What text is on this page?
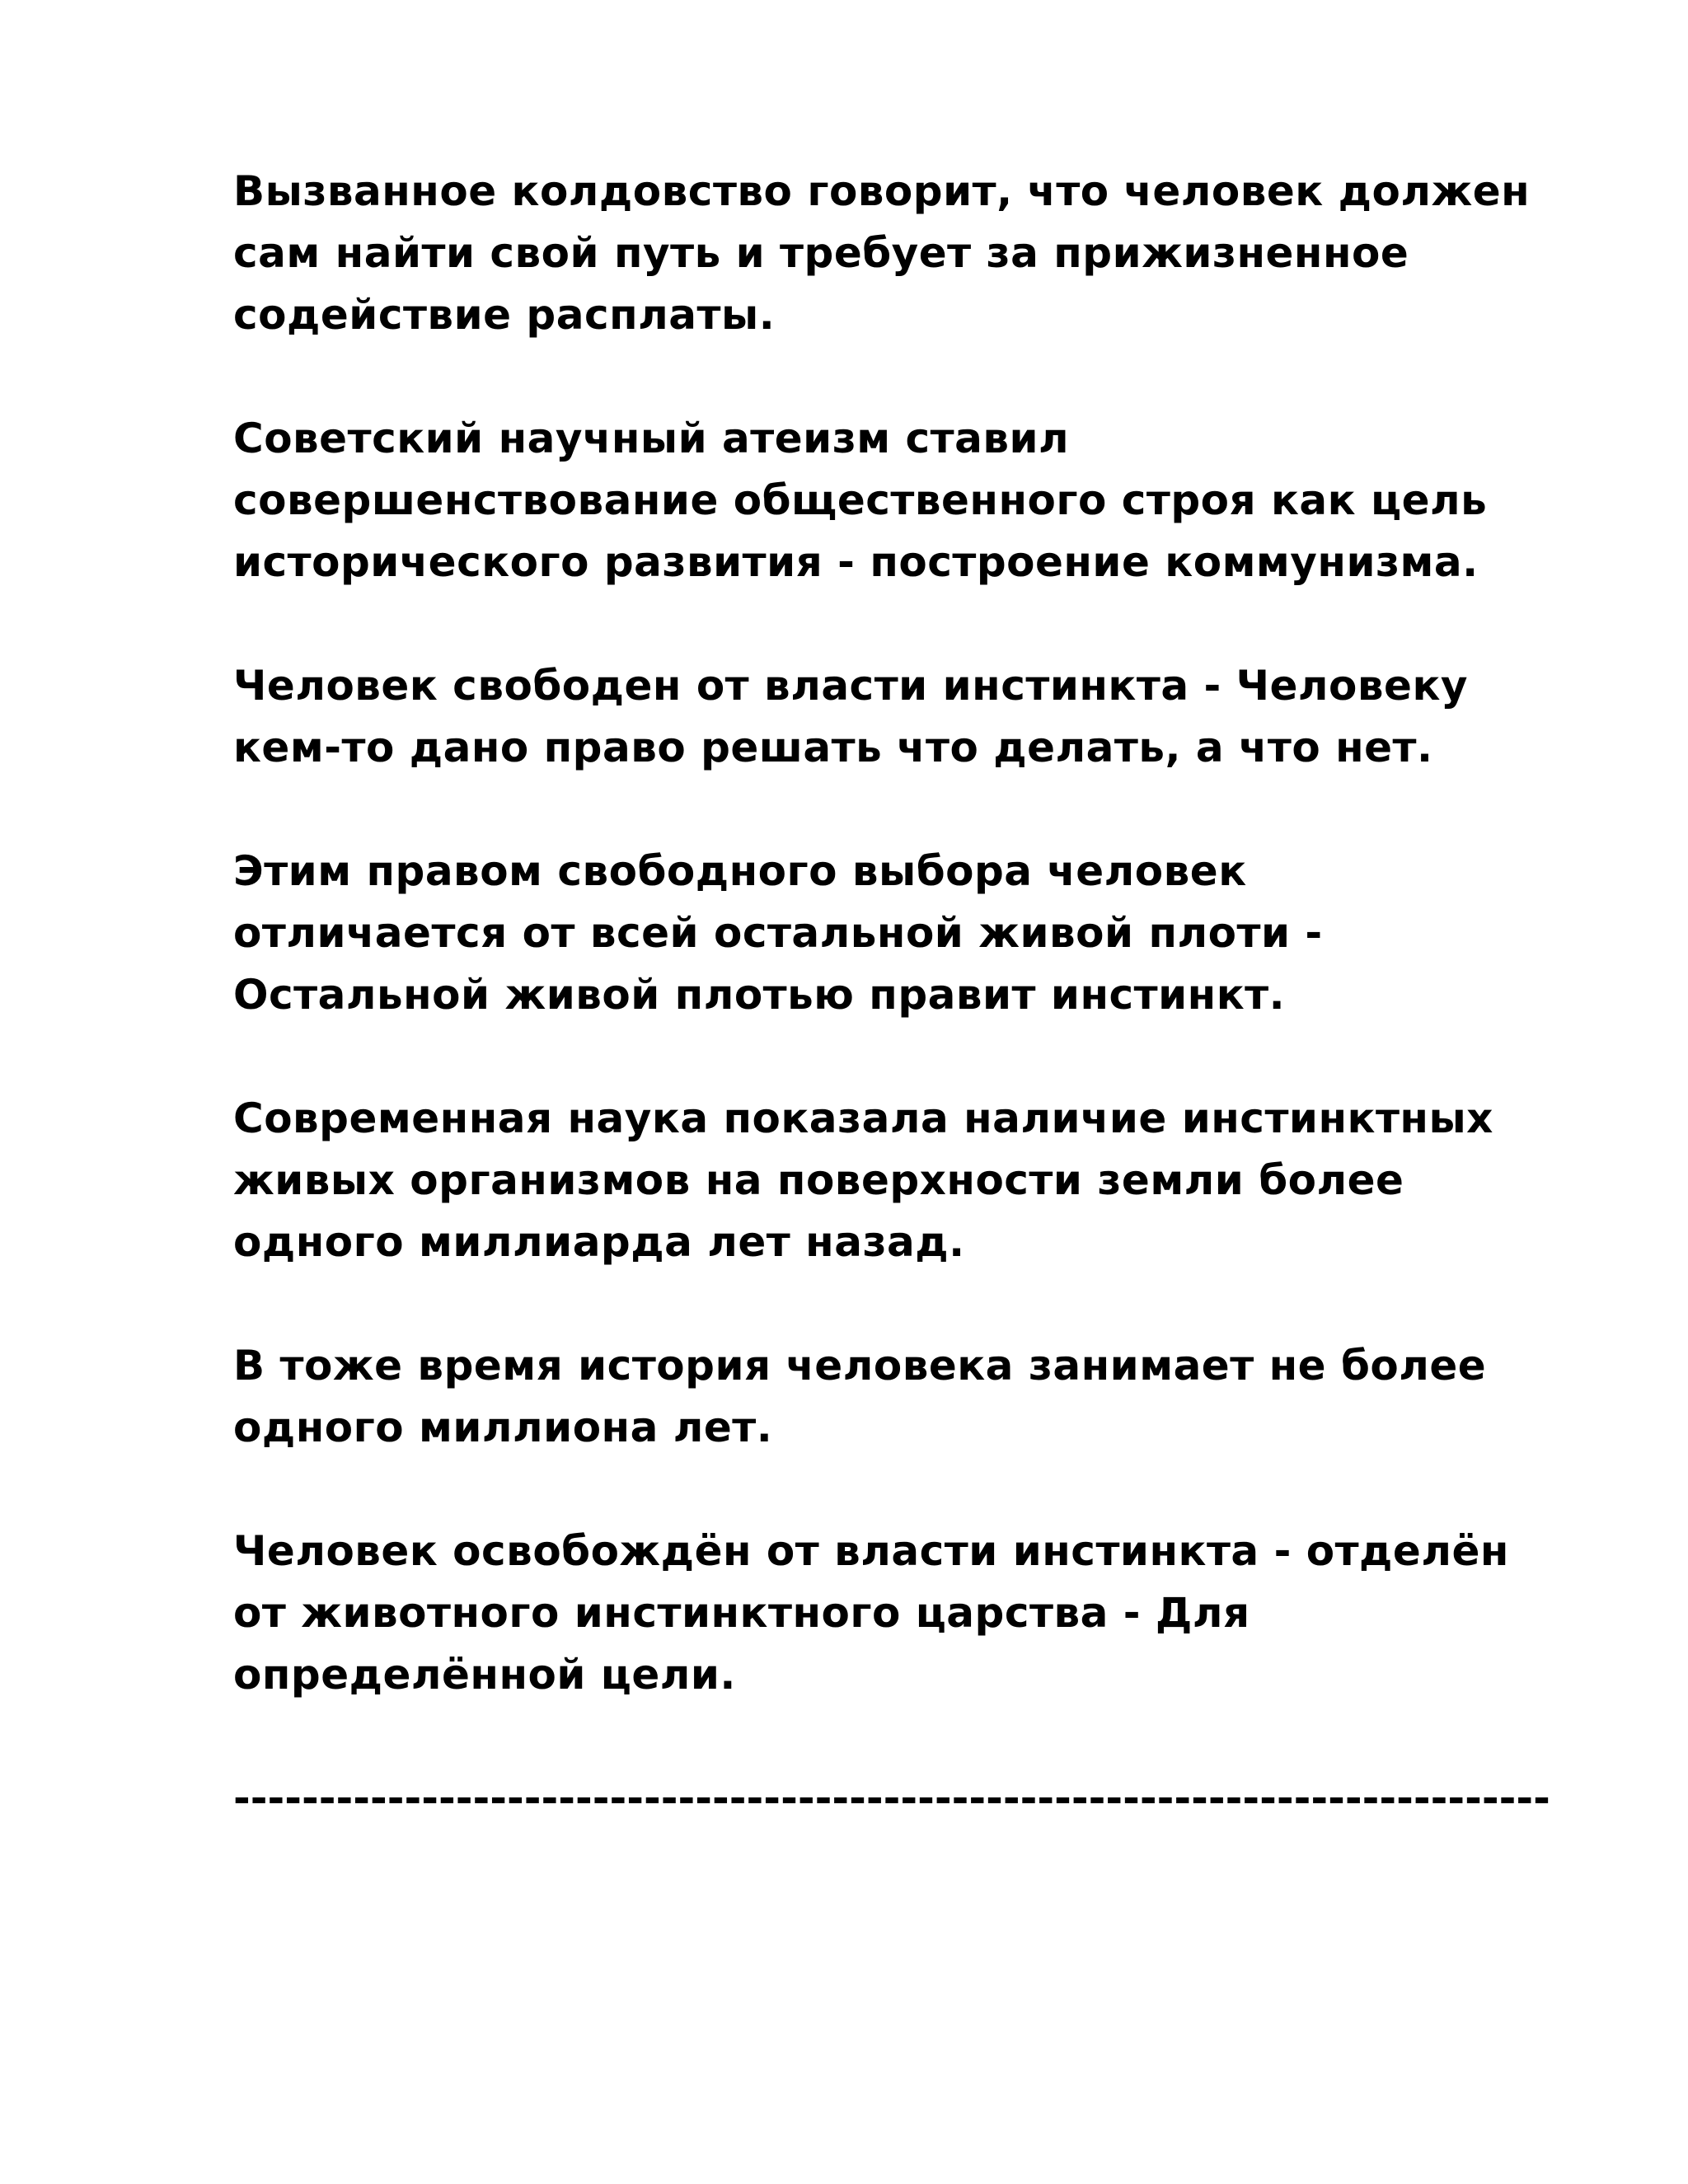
Вызванное колдовство говорит, что человек должен
сам найти свой путь и требует за прижизненное
содействие расплаты.

Советский научный атеизм ставил
совершенствование общественного строя как цель
исторического развития - построение коммунизма.

Человек свободен от власти инстинкта - Человеку
кем-то дано право решать что делать, а что нет.

Этим правом свободного выбора человек
отличается от всей остальной живой плоти -
Остальной живой плотью правит инстинкт.

Современная наука показала наличие инстинктных
живых организмов на поверхности земли более
одного миллиарда лет назад.

В тоже время история человека занимает не более
одного миллиона лет.

Человек освобождён от власти инстинкта - отделён
от животного инстинктного царства - Для
определённой цели.

-----------------------------------------------------------------------------
